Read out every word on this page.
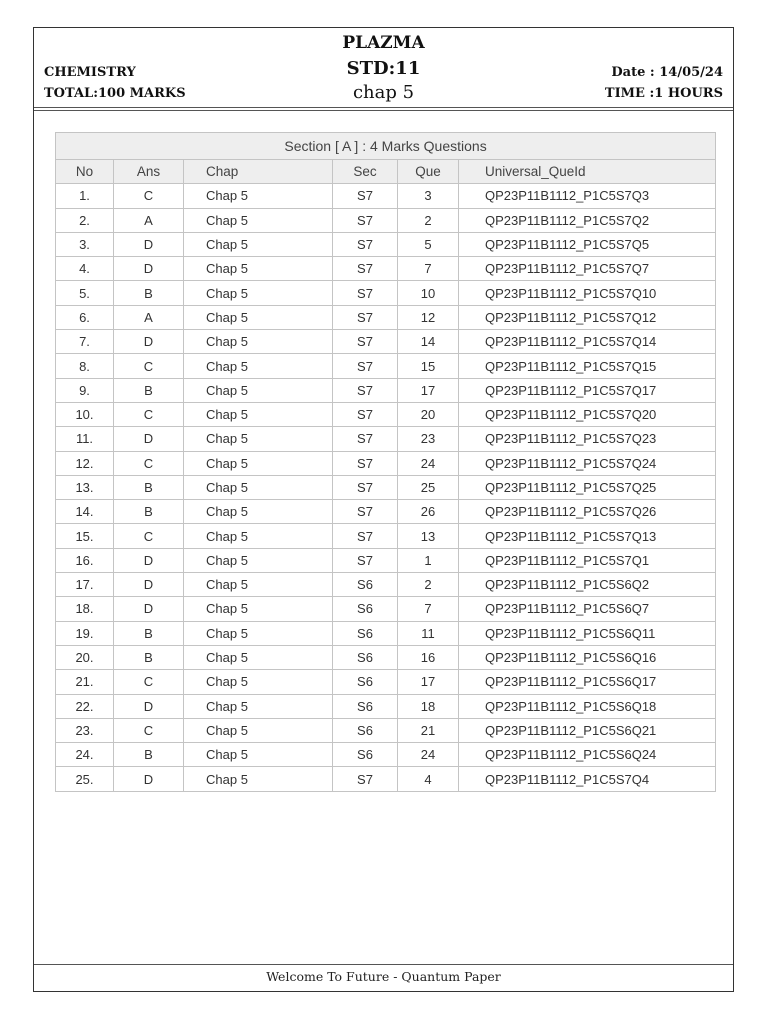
PLAZMA
STD:11
chap 5
CHEMISTRY
TOTAL:100 MARKS
Date : 14/05/24
TIME :1 HOURS
Section [ A ] : 4 Marks Questions					
No	Ans	Chap	Sec	Que	Universal_QueId
1.	C	Chap 5	S7	3	QP23P11B1112_P1C5S7Q3
2.	A	Chap 5	S7	2	QP23P11B1112_P1C5S7Q2
3.	D	Chap 5	S7	5	QP23P11B1112_P1C5S7Q5
4.	D	Chap 5	S7	7	QP23P11B1112_P1C5S7Q7
5.	B	Chap 5	S7	10	QP23P11B1112_P1C5S7Q10
6.	A	Chap 5	S7	12	QP23P11B1112_P1C5S7Q12
7.	D	Chap 5	S7	14	QP23P11B1112_P1C5S7Q14
8.	C	Chap 5	S7	15	QP23P11B1112_P1C5S7Q15
9.	B	Chap 5	S7	17	QP23P11B1112_P1C5S7Q17
10.	C	Chap 5	S7	20	QP23P11B1112_P1C5S7Q20
11.	D	Chap 5	S7	23	QP23P11B1112_P1C5S7Q23
12.	C	Chap 5	S7	24	QP23P11B1112_P1C5S7Q24
13.	B	Chap 5	S7	25	QP23P11B1112_P1C5S7Q25
14.	B	Chap 5	S7	26	QP23P11B1112_P1C5S7Q26
15.	C	Chap 5	S7	13	QP23P11B1112_P1C5S7Q13
16.	D	Chap 5	S7	1	QP23P11B1112_P1C5S7Q1
17.	D	Chap 5	S6	2	QP23P11B1112_P1C5S6Q2
18.	D	Chap 5	S6	7	QP23P11B1112_P1C5S6Q7
19.	B	Chap 5	S6	11	QP23P11B1112_P1C5S6Q11
20.	B	Chap 5	S6	16	QP23P11B1112_P1C5S6Q16
21.	C	Chap 5	S6	17	QP23P11B1112_P1C5S6Q17
22.	D	Chap 5	S6	18	QP23P11B1112_P1C5S6Q18
23.	C	Chap 5	S6	21	QP23P11B1112_P1C5S6Q21
24.	B	Chap 5	S6	24	QP23P11B1112_P1C5S6Q24
25.	D	Chap 5	S7	4	QP23P11B1112_P1C5S7Q4
Welcome To Future - Quantum Paper
